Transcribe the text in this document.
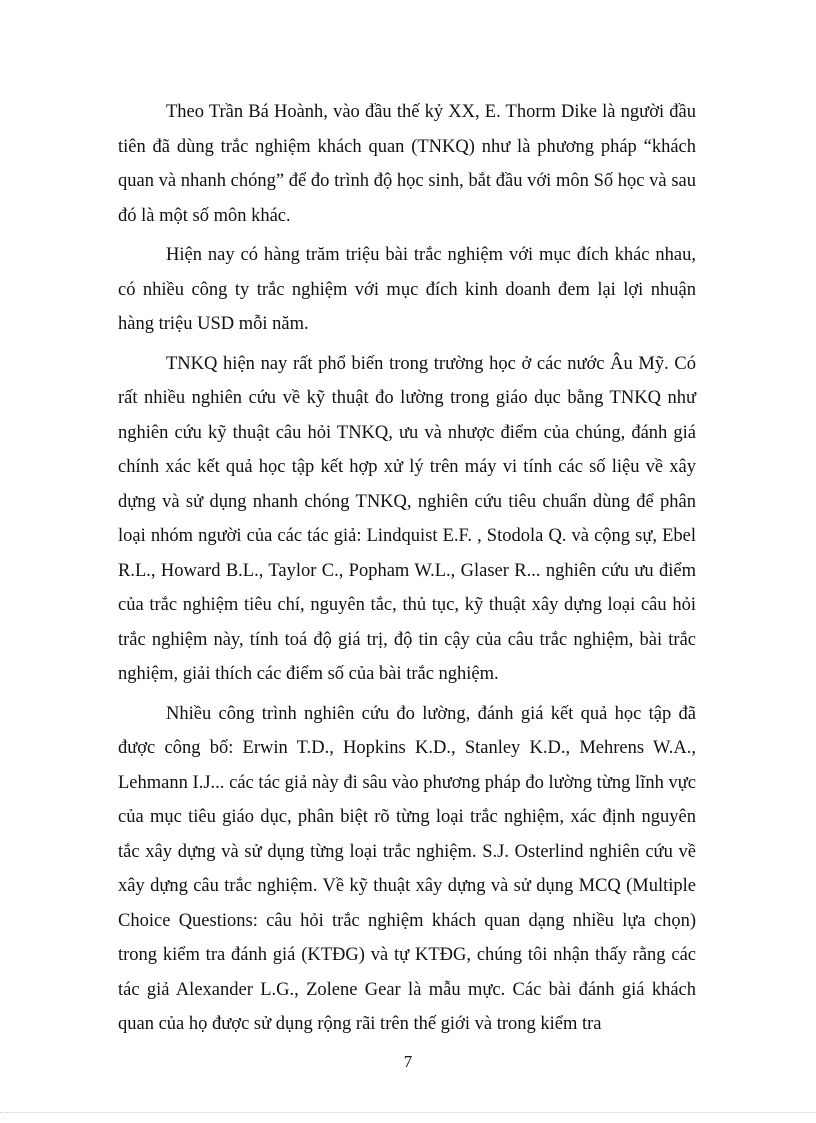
Theo Trần Bá Hoành, vào đầu thế kỷ XX, E. Thorm Dike là người đầu tiên đã dùng trắc nghiệm khách quan (TNKQ) như là phương pháp “khách quan và nhanh chóng” để đo trình độ học sinh, bắt đầu với môn Số học và sau đó là một số môn khác.

Hiện nay có hàng trăm triệu bài trắc nghiệm với mục đích khác nhau, có nhiều công ty trắc nghiệm với mục đích kinh doanh đem lại lợi nhuận hàng triệu USD mỗi năm.

TNKQ hiện nay rất phổ biến trong trường học ở các nước Âu Mỹ. Có rất nhiều nghiên cứu về kỹ thuật đo lường trong giáo dục bằng TNKQ như nghiên cứu kỹ thuật câu hỏi TNKQ, ưu và nhược điểm của chúng, đánh giá chính xác kết quả học tập kết hợp xử lý trên máy vi tính các số liệu về xây dựng và sử dụng nhanh chóng TNKQ, nghiên cứu tiêu chuẩn dùng để phân loại nhóm người của các tác giả: Lindquist E.F. , Stodola Q. và cộng sự, Ebel R.L., Howard B.L., Taylor C., Popham W.L., Glaser R... nghiên cứu ưu điểm của trắc nghiệm tiêu chí, nguyên tắc, thủ tục, kỹ thuật xây dựng loại câu hỏi trắc nghiệm này, tính toá độ giá trị, độ tin cậy của câu trắc nghiệm, bài trắc nghiệm, giải thích các điểm số của bài trắc nghiệm.

Nhiều công trình nghiên cứu đo lường, đánh giá kết quả học tập đã được công bố: Erwin T.D., Hopkins K.D., Stanley K.D., Mehrens W.A., Lehmann I.J... các tác giả này đi sâu vào phương pháp đo lường từng lĩnh vực của mục tiêu giáo dục, phân biệt rõ từng loại trắc nghiệm, xác định nguyên tắc xây dựng và sử dụng từng loại trắc nghiệm. S.J. Osterlind nghiên cứu về xây dựng câu trắc nghiệm. Về kỹ thuật xây dựng và sử dụng MCQ (Multiple Choice Questions: câu hỏi trắc nghiệm khách quan dạng nhiều lựa chọn) trong kiểm tra đánh giá (KTĐG) và tự KTĐG, chúng tôi nhận thấy rằng các tác giả Alexander L.G., Zolene Gear là mẫu mực. Các bài đánh giá khách quan của họ được sử dụng rộng rãi trên thế giới và trong kiểm tra

7
